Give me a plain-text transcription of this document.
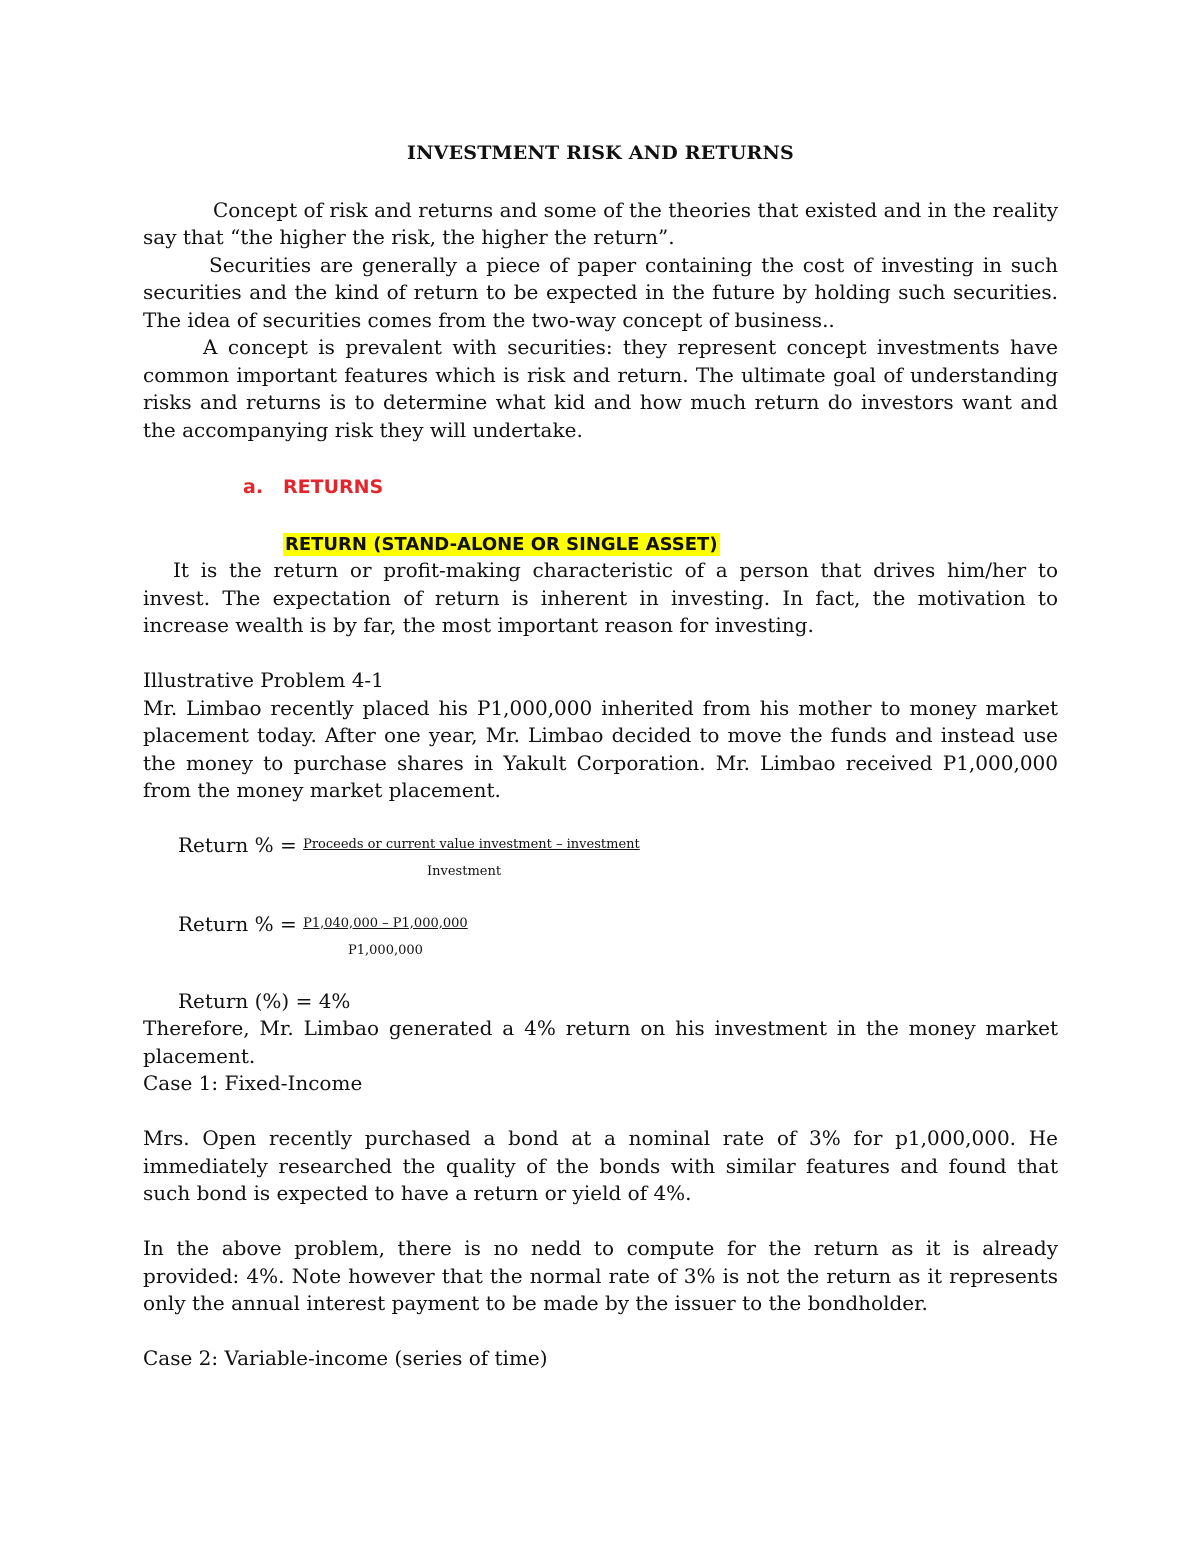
INVESTMENT RISK AND RETURNS

Concept of risk and returns and some of the theories that existed and in the reality say that “the higher the risk, the higher the return”.

Securities are generally a piece of paper containing the cost of investing in such securities and the kind of return to be expected in the future by holding such securities. The idea of securities comes from the two-way concept of business..

A concept is prevalent with securities: they represent concept investments have common important features which is risk and return. The ultimate goal of understanding risks and returns is to determine what kid and how much return do investors want and the accompanying risk they will undertake.

a. RETURNS
RETURN (STAND-ALONE OR SINGLE ASSET)

It is the return or profit-making characteristic of a person that drives him/her to invest. The expectation of return is inherent in investing. In fact, the motivation to increase wealth is by far, the most important reason for investing.

Illustrative Problem 4-1

Mr. Limbao recently placed his P1,000,000 inherited from his mother to money market placement today. After one year, Mr. Limbao decided to move the funds and instead use the money to purchase shares in Yakult Corporation. Mr. Limbao received P1,000,000 from the money market placement.

Return % = $^{Proceeds or current value investment - investment}$
Investment
Return % = $^{P1,040,000 - P1,000,000}$
P1,000,000

Return (%) = 4%

Therefore, Mr. Limbao generated a 4% return on his investment in the money market placement.

Case 1: Fixed-Income

Mrs. Open recently purchased a bond at a nominal rate of 3% for p1,000,000. He immediately researched the quality of the bonds with similar features and found that such bond is expected to have a return or yield of 4%.

In the above problem, there is no nedd to compute for the return as it is already provided: 4%. Note however that the normal rate of 3% is not the return as it represents only the annual interest payment to be made by the issuer to the bondholder.

Case 2: Variable-income (series of time)
